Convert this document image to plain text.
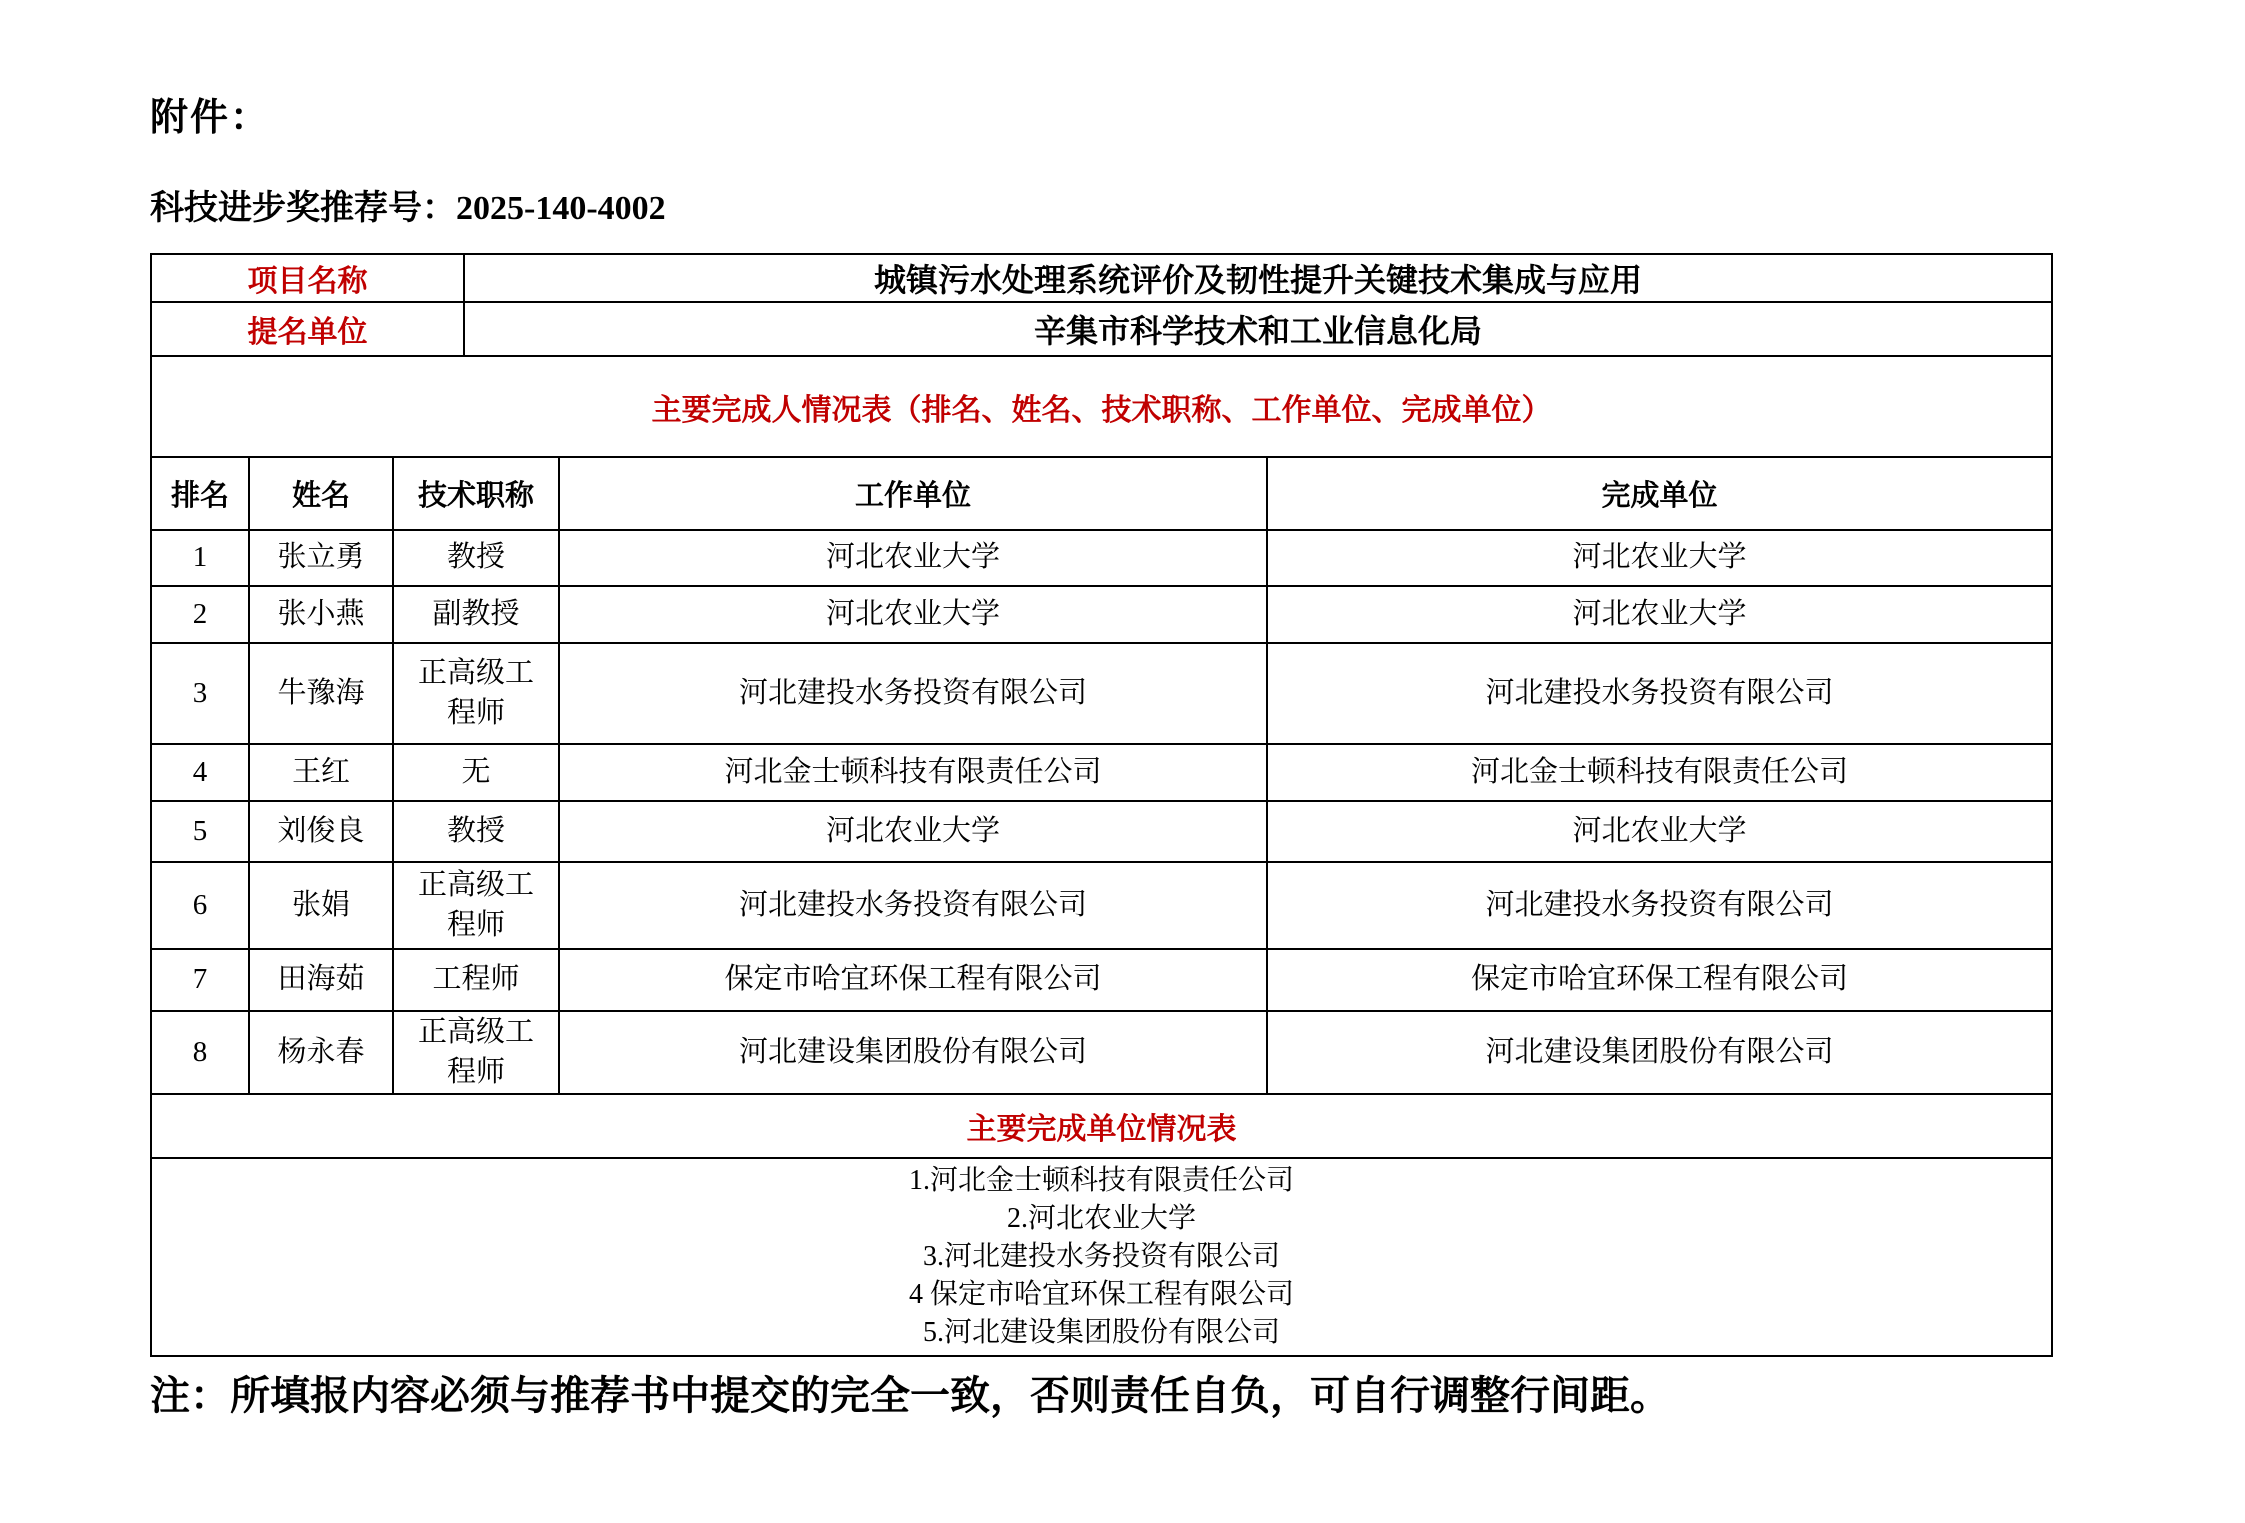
附件：
科技进步奖推荐号：2025-140-4002
项目名称			城镇污水处理系统评价及韧性提升关键技术集成与应用		
提名单位			辛集市科学技术和工业信息化局		
主要完成人情况表（排名、姓名、技术职称、工作单位、完成单位）					
排名	姓名	技术职称		工作单位	完成单位
1	张立勇	教授		河北农业大学	河北农业大学
2	张小燕	副教授		河北农业大学	河北农业大学
3	牛豫海	正高级工程师		河北建投水务投资有限公司	河北建投水务投资有限公司
4	王红	无		河北金士顿科技有限责任公司	河北金士顿科技有限责任公司
5	刘俊良	教授		河北农业大学	河北农业大学
6	张娟	正高级工程师		河北建投水务投资有限公司	河北建投水务投资有限公司
7	田海茹	工程师		保定市哈宜环保工程有限公司	保定市哈宜环保工程有限公司
8	杨永春	正高级工程师		河北建设集团股份有限公司	河北建设集团股份有限公司
主要完成单位情况表					

1.河北金士顿科技有限责任公司
2.河北农业大学
3.河北建投水务投资有限公司
4 保定市哈宜环保工程有限公司
5.河北建设集团股份有限公司					
注：所填报内容必须与推荐书中提交的完全一致，否则责任自负，可自行调整行间距。
